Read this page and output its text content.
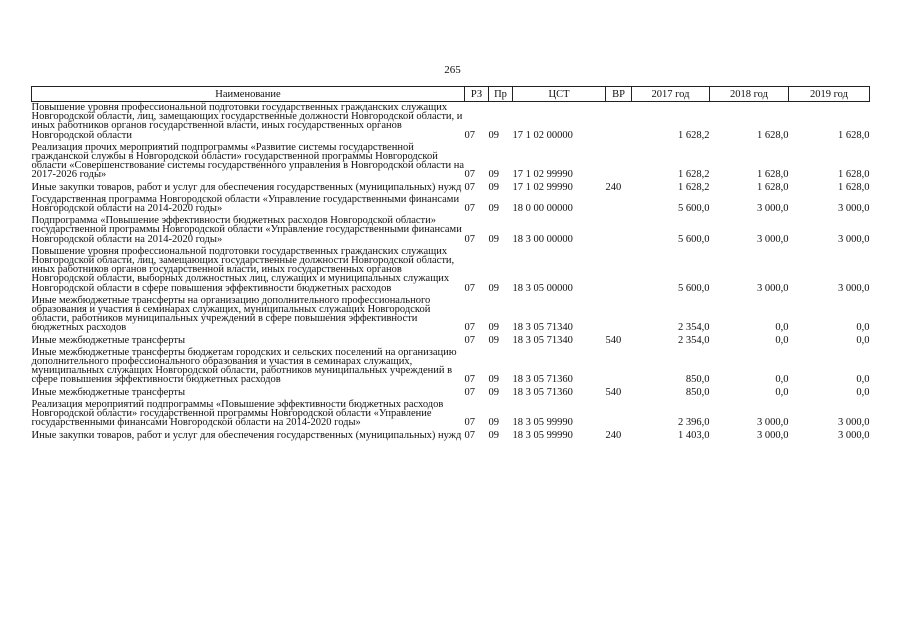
265
Наименование	РЗ	Пр	ЦСТ	ВР	2017 год	2018 год	2019 год
Повышение уровня профессиональной подготовки государственных гражданских служащих Новгородской области, лиц, замещающих государственные должности Новгородской области, и иных работников органов государственной власти, иных государственных органов Новгородской области	07	09	17 1 02 00000		1 628,2	1 628,0	1 628,0
Реализация прочих мероприятий подпрограммы «Развитие системы государственной гражданской службы в Новгородской области» государственной программы Новгородской области «Совершенствование системы государственного управления в Новгородской области на 2017-2026 годы»	07	09	17 1 02 99990		1 628,2	1 628,0	1 628,0
Иные закупки товаров, работ и услуг для обеспечения государственных (муниципальных) нужд	07	09	17 1 02 99990	240	1 628,2	1 628,0	1 628,0
Государственная программа Новгородской области «Управление государственными финансами Новгородской области на 2014-2020 годы»	07	09	18 0 00 00000		5 600,0	3 000,0	3 000,0
Подпрограмма «Повышение эффективности бюджетных расходов Новгородской области» государственной программы Новгородской области «Управление государственными финансами Новгородской области на 2014-2020 годы»	07	09	18 3 00 00000		5 600,0	3 000,0	3 000,0
Повышение уровня профессиональной подготовки государственных гражданских служащих Новгородской области, лиц, замещающих государственные должности Новгородской области, иных работников органов государственной власти, иных государственных органов Новгородской области, выборных должностных лиц, служащих и муниципальных служащих Новгородской области в сфере повышения эффективности бюджетных расходов	07	09	18 3 05 00000		5 600,0	3 000,0	3 000,0
Иные межбюджетные трансферты на организацию дополнительного профессионального образования и участия в семинарах служащих, муниципальных служащих Новгородской области, работников муниципальных учреждений в сфере повышения эффективности бюджетных расходов	07	09	18 3 05 71340		2 354,0	0,0	0,0
Иные межбюджетные трансферты	07	09	18 3 05 71340	540	2 354,0	0,0	0,0
Иные межбюджетные трансферты бюджетам городских и сельских поселений на организацию дополнительного профессионального образования и участия в семинарах служащих, муниципальных служащих Новгородской области, работников муниципальных учреждений в сфере повышения эффективности бюджетных расходов	07	09	18 3 05 71360		850,0	0,0	0,0
Иные межбюджетные трансферты	07	09	18 3 05 71360	540	850,0	0,0	0,0
Реализация мероприятий подпрограммы «Повышение эффективности бюджетных расходов Новгородской области» государственной программы Новгородской области «Управление государственными финансами Новгородской области на 2014-2020 годы»	07	09	18 3 05 99990		2 396,0	3 000,0	3 000,0
Иные закупки товаров, работ и услуг для обеспечения государственных (муниципальных) нужд	07	09	18 3 05 99990	240	1 403,0	3 000,0	3 000,0
